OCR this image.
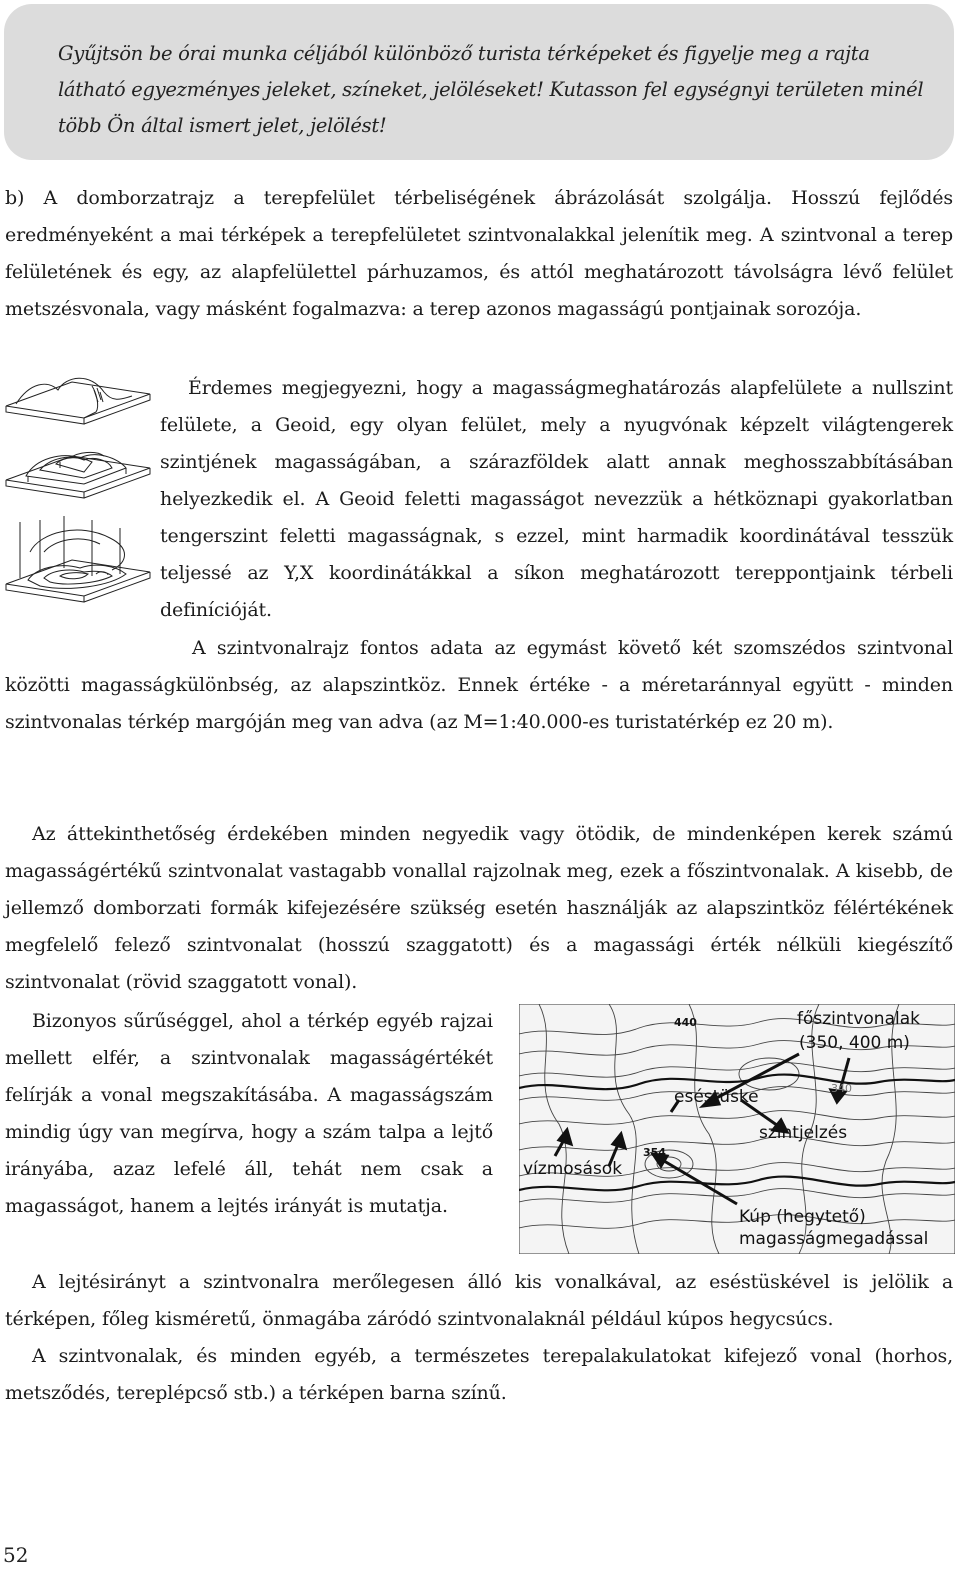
Gyűjtsön be órai munka céljából különböző turista térképeket és figyelje meg a rajta látható egyezményes jeleket, színeket, jelöléseket! Kutasson fel egységnyi területen minél több Ön által ismert jelet, jelölést!

b) A domborzatrajz a terepfelület térbeliségének ábrázolását szolgálja. Hosszú fejlődés eredményeként a mai térképek a terepfelületet szintvonalakkal jelenítik meg. A szintvonal a terep felületének és egy, az alapfelülettel párhuzamos, és attól meghatározott távolságra lévő felület metszésvonala, vagy másként fogalmazva: a terep azonos magasságú pontjainak sorozója.

Érdemes megjegyezni, hogy a magasságmeghatározás alapfelülete a nullszint felülete, a Geoid, egy olyan felület, mely a nyugvónak képzelt világtengerek szintjének magasságában, a szárazföldek alatt annak meghosszabbításában helyezkedik el. A Geoid feletti magasságot nevezzük a hétköznapi gyakorlatban tengerszint feletti magasságnak, s ezzel, mint harmadik koordinátával tesszük teljessé az Y,X koordinátákkal a síkon meghatározott tereppontjaink térbeli definícióját.

A szintvonalrajz fontos adata az egymást követő két szomszédos szintvonal közötti magasságkülönbség, az alapszintköz. Ennek értéke - a méretaránnyal együtt - minden szintvonalas térkép margóján meg van adva (az M=1:40.000-es turistatérkép ez 20 m).

Az áttekinthetőség érdekében minden negyedik vagy ötödik, de mindenképen kerek számú magasságértékű szintvonalat vastagabb vonallal rajzolnak meg, ezek a főszintvonalak. A kisebb, de jellemző domborzati formák kifejezésére szükség esetén használják az alapszintköz félértékének megfelelő felező szintvonalat (hosszú szaggatott) és a magassági érték nélküli kiegészítő szintvonalat (rövid szaggatott vonal).

Bizonyos sűrűséggel, ahol a térkép egyéb rajzai mellett elfér, a szintvonalak magasságértékét felírják a vonal megszakításába. A magasságszám mindig úgy van megírva, hogy a szám talpa a lejtő irányába, azaz lefelé áll, tehát nem csak a magasságot, hanem a lejtés irányát is mutatja.

440
340
354
főszintvonalak
(350, 400 m)
eséstüske
szintjelzés
vízmosások
Kúp (hegytető)
magasságmegadással

A lejtésirányt a szintvonalra merőlegesen álló kis vonalkával, az eséstüskével is jelölik a térképen, főleg kisméretű, önmagába záródó szintvonalaknál például kúpos hegycsúcs.

A szintvonalak, és minden egyéb, a természetes terepalakulatokat kifejező vonal (horhos, metsződés, tereplépcső stb.) a térképen barna színű.

52
